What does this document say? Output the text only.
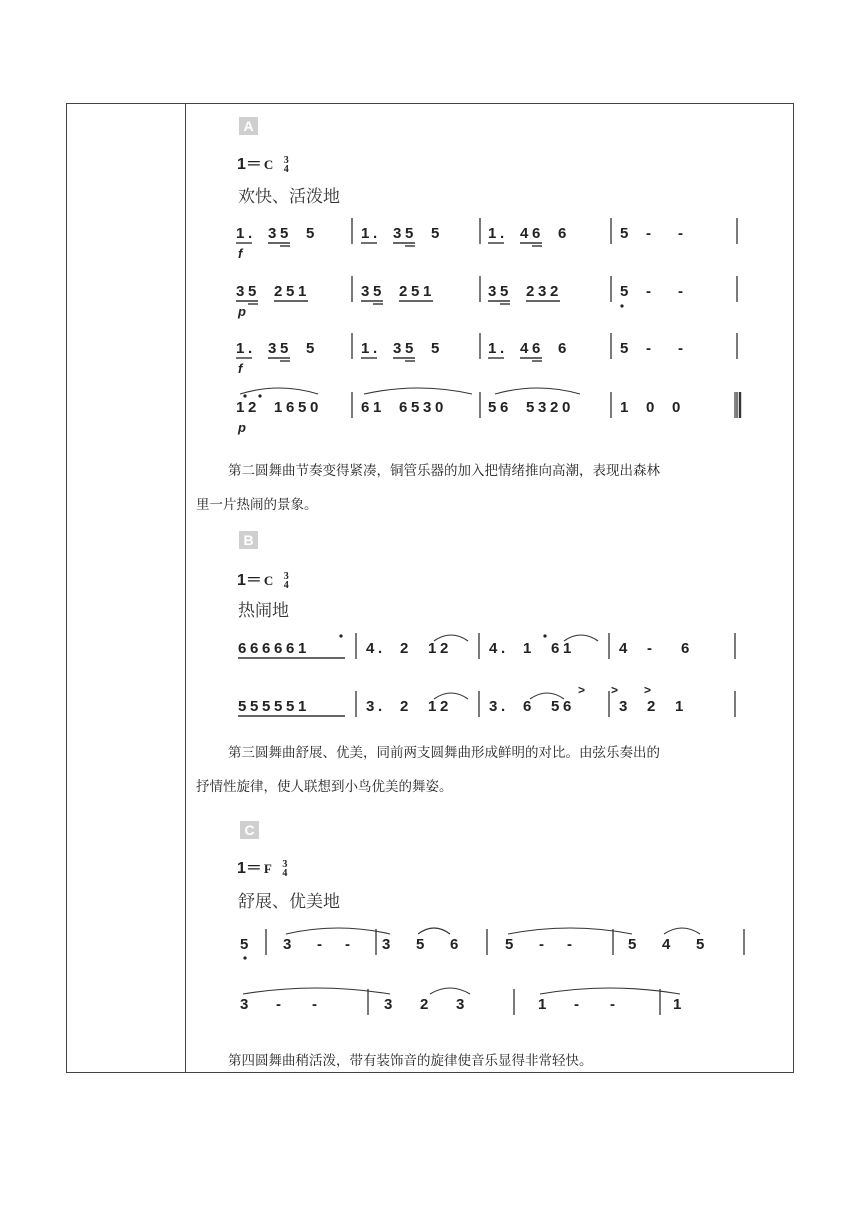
A
1＝ C 3
4
欢快、活泼地
第二圆舞曲节奏变得紧凑，铜管乐器的加入把情绪推向高潮，表现出森林
里一片热闹的景象。
B
1＝ C 3
4
热闹地
第三圆舞曲舒展、优美，同前两支圆舞曲形成鲜明的对比。由弦乐奏出的
抒情性旋律，使人联想到小鸟优美的舞姿。
C
1＝ F 3
4
舒展、优美地
第四圆舞曲稍活泼，带有装饰音的旋律使音乐显得非常轻快。
1 . 3 5 5	1 . 3 5 5	1 . 4 6 6	5 - -
f
3 5 2 5 1	3 5 2 5 1	3 5 2 3 2	5 - -
p
1 . 3 5 5	1 . 3 5 5	1 . 4 6 6	5 - -
f
1 2 1 6 5 0	6 1 6 5 3 0	5 6 5 3 2 0	1 0 0
p
6 6 6 6 6 1	4 . 2 1 2	4 . 1 6 1	4 - 6
5 5 5 5 5 1	3 . 2 1 2	3 . 6 5 6	3 2 1
> > >
5 3 - - 3 5 6	5 - -	5 4 5
3 - -	3 2 3	1 - -	1
